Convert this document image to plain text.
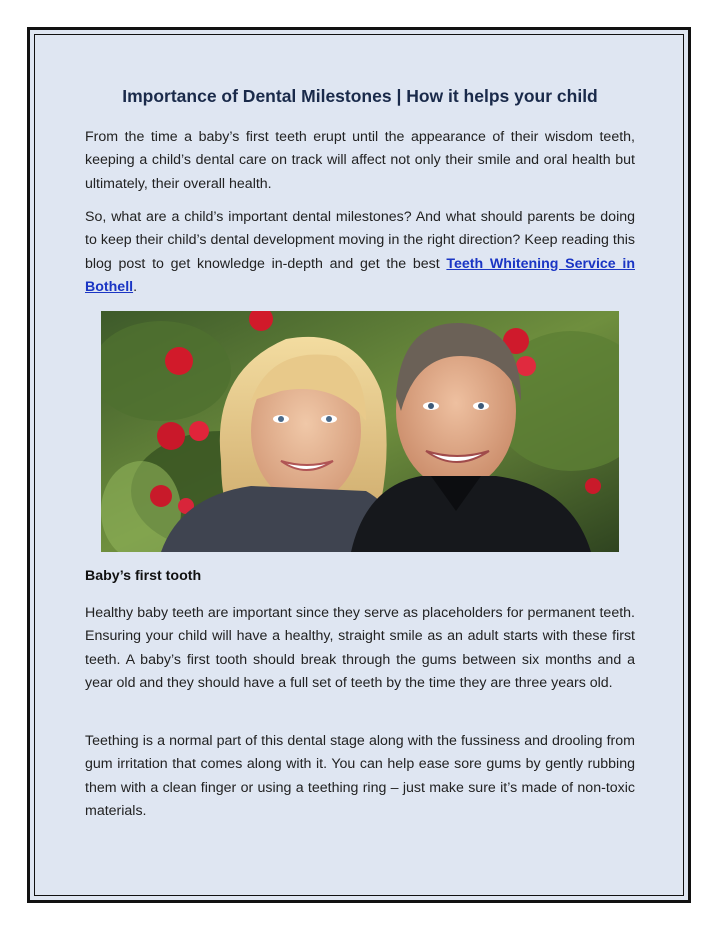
Importance of Dental Milestones | How it helps your child

From the time a baby’s first teeth erupt until the appearance of their wisdom teeth, keeping a child’s dental care on track will affect not only their smile and oral health but ultimately, their overall health.

So, what are a child’s important dental milestones? And what should parents be doing to keep their child’s dental development moving in the right direction? Keep reading this blog post to get knowledge in-depth and get the best Teeth Whitening Service in Bothell.

Baby’s first tooth

Healthy baby teeth are important since they serve as placeholders for permanent teeth. Ensuring your child will have a healthy, straight smile as an adult starts with these first teeth. A baby’s first tooth should break through the gums between six months and a year old and they should have a full set of teeth by the time they are three years old.

Teething is a normal part of this dental stage along with the fussiness and drooling from gum irritation that comes along with it. You can help ease sore gums by gently rubbing them with a clean finger or using a teething ring – just make sure it’s made of non-toxic materials.
